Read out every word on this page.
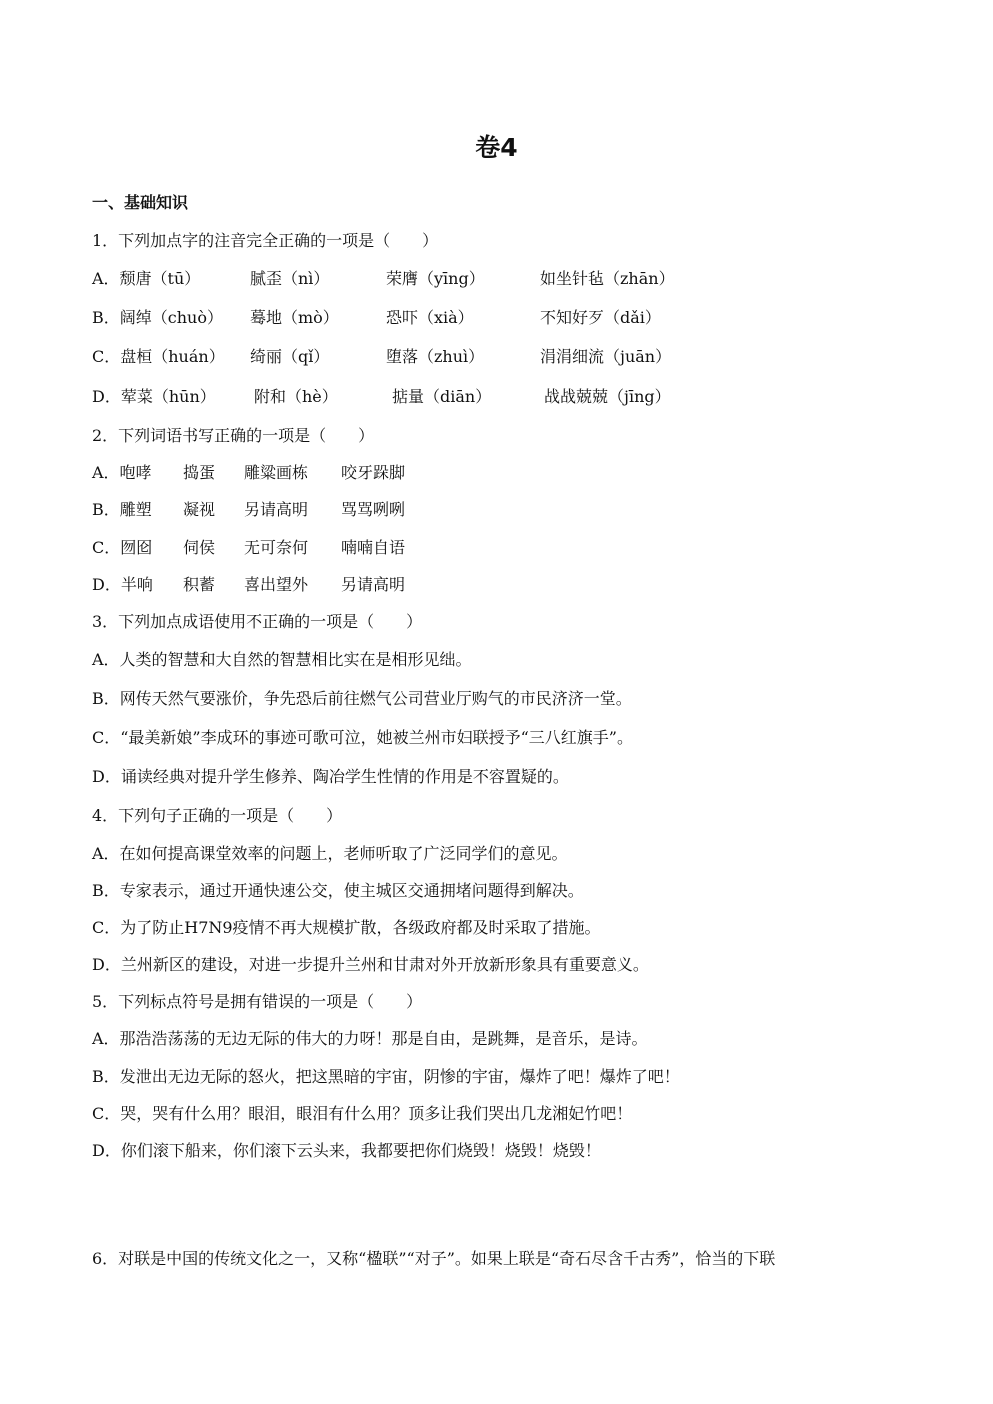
卷4
一、基础知识
1．下列加点字的注音完全正确的一项是（　　）
A．颓唐（tū）	腻歪（nì）	荣膺（yīng）	如坐针毡（zhān）
B．阔绰（chuò） 蓦地（mò）	恐吓（xià）	不知好歹（dǎi）
C．盘桓（huán） 绮丽（qǐ）	堕落（zhuì）	涓涓细流（juān）
D．荤菜（hūn） 附和（hè）	掂量（diān）	战战兢兢（jīng）
2．下列词语书写正确的一项是（　　）
A．咆哮 捣蛋 雕粱画栋 咬牙跺脚
B．雕塑 凝视 另请高明 骂骂咧咧
C．囫囵 伺侯 无可奈何 喃喃自语
D．半响 积蓄 喜出望外 另请高明
3．下列加点成语使用不正确的一项是（　　）
A．人类的智慧和大自然的智慧相比实在是相形见绌。
B．网传天然气要涨价，争先恐后前往燃气公司营业厅购气的市民济济一堂。
C．“最美新娘”李成环的事迹可歌可泣，她被兰州市妇联授予“三八红旗手”。
D．诵读经典对提升学生修养、陶冶学生性情的作用是不容置疑的。
4．下列句子正确的一项是（　　）
A．在如何提高课堂效率的问题上，老师听取了广泛同学们的意见。
B．专家表示，通过开通快速公交，使主城区交通拥堵问题得到解决。
C．为了防止H7N9疫情不再大规模扩散，各级政府都及时采取了措施。
D．兰州新区的建设，对进一步提升兰州和甘肃对外开放新形象具有重要意义。
5．下列标点符号是拥有错误的一项是（　　）
A．那浩浩荡荡的无边无际的伟大的力呀！那是自由，是跳舞，是音乐，是诗。
B．发泄出无边无际的怒火，把这黑暗的宇宙，阴惨的宇宙，爆炸了吧！爆炸了吧！
C．哭，哭有什么用？眼泪，眼泪有什么用？顶多让我们哭出几龙湘妃竹吧！
D．你们滚下船来，你们滚下云头来，我都要把你们烧毁！烧毁！烧毁！
6．对联是中国的传统文化之一，又称“楹联”“对子”。如果上联是“奇石尽含千古秀”，恰当的下联
